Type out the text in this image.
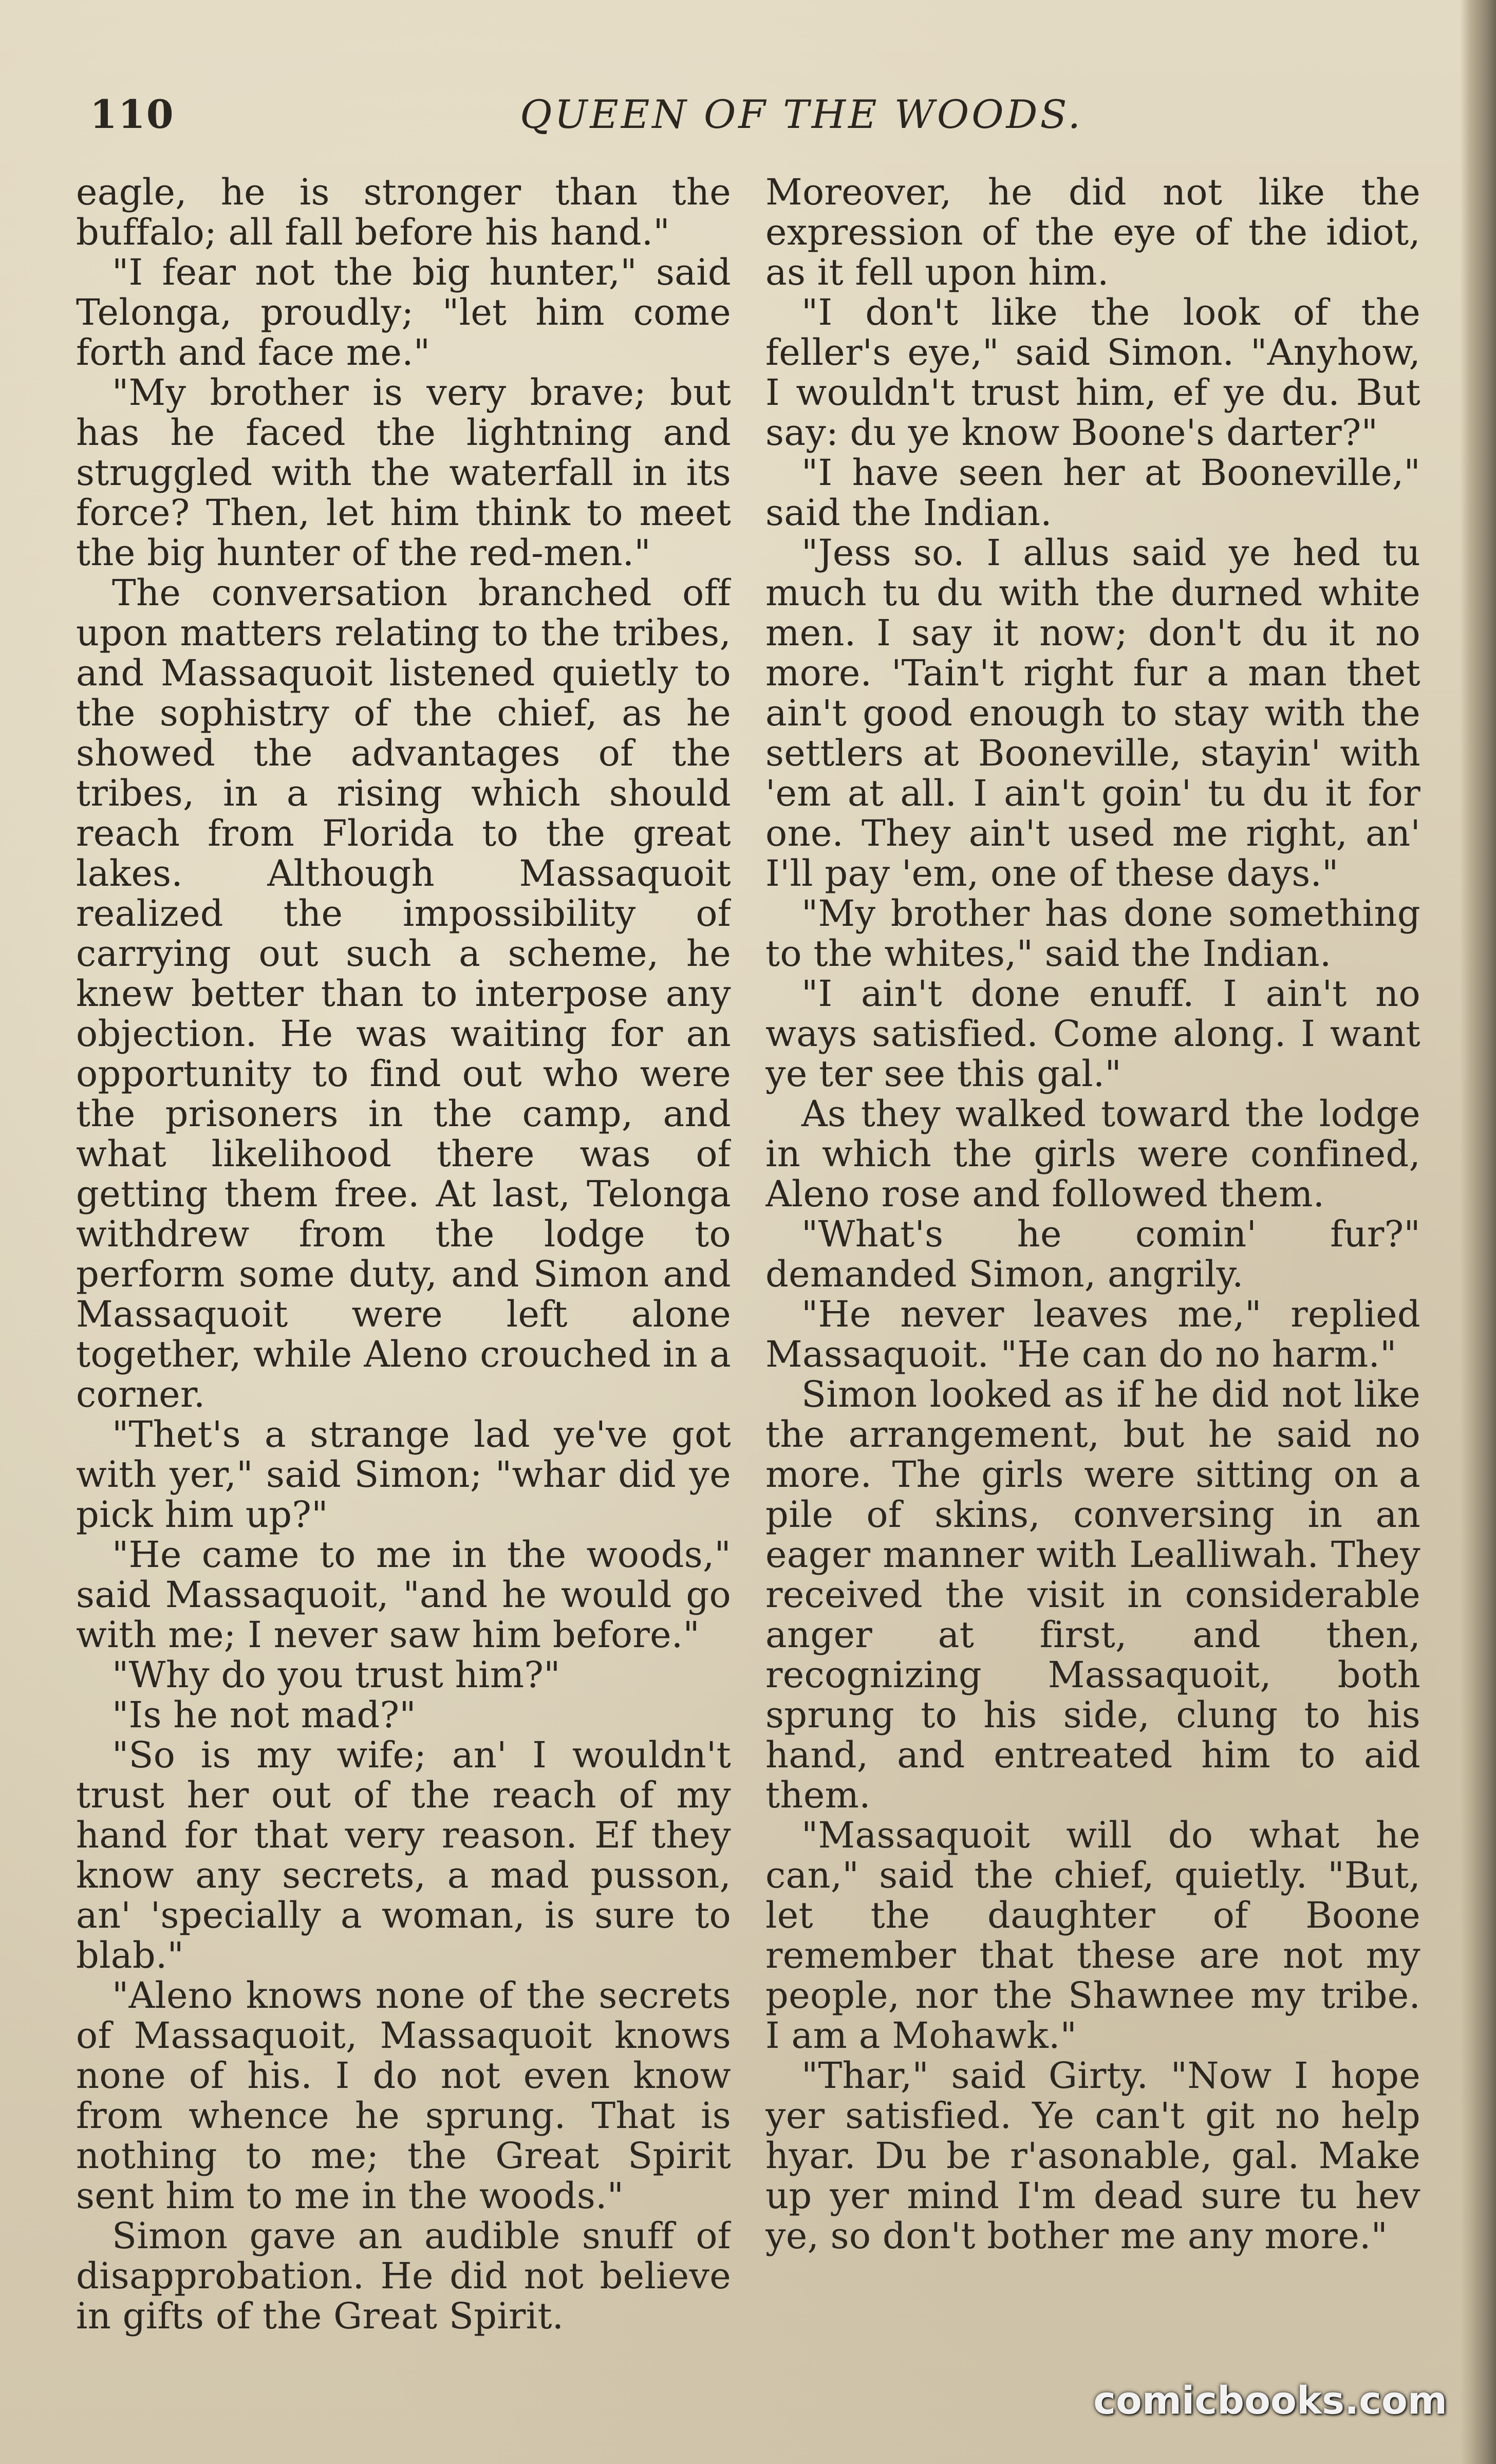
110	QUEEN OF THE WOODS.

eagle, he is stronger than the buffalo; all fall before his hand."

"I fear not the big hunter," said Telonga, proudly; "let him come forth and face me."

"My brother is very brave; but has he faced the lightning and struggled with the waterfall in its force? Then, let him think to meet the big hunter of the red-men."

The conversation branched off upon matters relating to the tribes, and Massaquoit listened quietly to the sophistry of the chief, as he showed the advantages of the tribes, in a rising which should reach from Florida to the great lakes. Although Massaquoit realized the impossibility of carrying out such a scheme, he knew better than to interpose any objection. He was waiting for an opportunity to find out who were the prisoners in the camp, and what likelihood there was of getting them free. At last, Telonga withdrew from the lodge to perform some duty, and Simon and Massaquoit were left alone together, while Aleno crouched in a corner.

"Thet's a strange lad ye've got with yer," said Simon; "whar did ye pick him up?"

"He came to me in the woods," said Massaquoit, "and he would go with me; I never saw him before."

"Why do you trust him?"

"Is he not mad?"

"So is my wife; an' I wouldn't trust her out of the reach of my hand for that very reason. Ef they know any secrets, a mad pusson, an' 'specially a woman, is sure to blab."

"Aleno knows none of the secrets of Massaquoit, Massaquoit knows none of his. I do not even know from whence he sprung. That is nothing to me; the Great Spirit sent him to me in the woods."

Simon gave an audible snuff of disapprobation. He did not believe in gifts of the Great Spirit.

Moreover, he did not like the expression of the eye of the idiot, as it fell upon him.

"I don't like the look of the feller's eye," said Simon. "Anyhow, I wouldn't trust him, ef ye du. But say: du ye know Boone's darter?"

"I have seen her at Booneville," said the Indian.

"Jess so. I allus said ye hed tu much tu du with the durned white men. I say it now; don't du it no more. 'Tain't right fur a man thet ain't good enough to stay with the settlers at Booneville, stayin' with 'em at all. I ain't goin' tu du it for one. They ain't used me right, an' I'll pay 'em, one of these days."

"My brother has done something to the whites," said the Indian.

"I ain't done enuff. I ain't no ways satisfied. Come along. I want ye ter see this gal."

As they walked toward the lodge in which the girls were confined, Aleno rose and followed them.

"What's he comin' fur?" demanded Simon, angrily.

"He never leaves me," replied Massaquoit. "He can do no harm."

Simon looked as if he did not like the arrangement, but he said no more. The girls were sitting on a pile of skins, conversing in an eager manner with Lealliwah. They received the visit in considerable anger at first, and then, recognizing Massaquoit, both sprung to his side, clung to his hand, and entreated him to aid them.

"Massaquoit will do what he can," said the chief, quietly. "But, let the daughter of Boone remember that these are not my people, nor the Shawnee my tribe. I am a Mohawk."

"Thar," said Girty. "Now I hope yer satisfied. Ye can't git no help hyar. Du be r'asonable, gal. Make up yer mind I'm dead sure tu hev ye, so don't bother me any more."

comicbooks.com
